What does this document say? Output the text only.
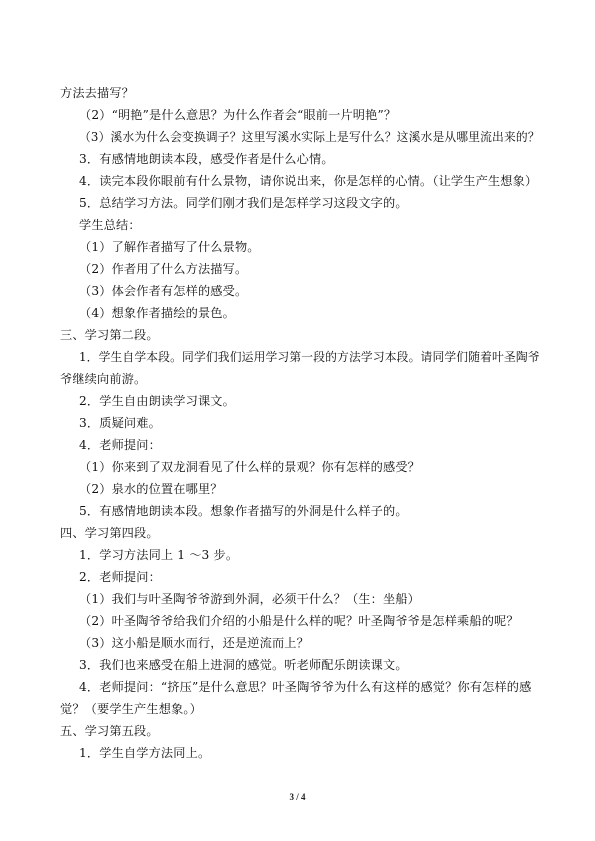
方法去描写？
（2）“明艳”是什么意思？为什么作者会“眼前一片明艳”？
（3）溪水为什么会变换调子？这里写溪水实际上是写什么？这溪水是从哪里流出来的？
3．有感情地朗读本段，感受作者是什么心情。
4．读完本段你眼前有什么景物，请你说出来，你是怎样的心情。（让学生产生想象）
5．总结学习方法。同学们刚才我们是怎样学习这段文字的。
学生总结：
（1）了解作者描写了什么景物。
（2）作者用了什么方法描写。
（3）体会作者有怎样的感受。
（4）想象作者描绘的景色。
三、学习第二段。
1．学生自学本段。同学们我们运用学习第一段的方法学习本段。请同学们随着叶圣陶爷
爷继续向前游。
2．学生自由朗读学习课文。
3．质疑问难。
4．老师提问：
（1）你来到了双龙洞看见了什么样的景观？你有怎样的感受？
（2）泉水的位置在哪里？
5．有感情地朗读本段。想象作者描写的外洞是什么样子的。
四、学习第四段。
1．学习方法同上 1 ～3 步。
2．老师提问：
（1）我们与叶圣陶爷爷游到外洞，必须干什么？（生：坐船）
（2）叶圣陶爷爷给我们介绍的小船是什么样的呢？叶圣陶爷爷是怎样乘船的呢？
（3）这小船是顺水而行，还是逆流而上？
3．我们也来感受在船上进洞的感觉。听老师配乐朗读课文。
4．老师提问：“挤压”是什么意思？叶圣陶爷爷为什么有这样的感觉？你有怎样的感
觉？（要学生产生想象。）
五、学习第五段。
1．学生自学方法同上。
3 / 4
